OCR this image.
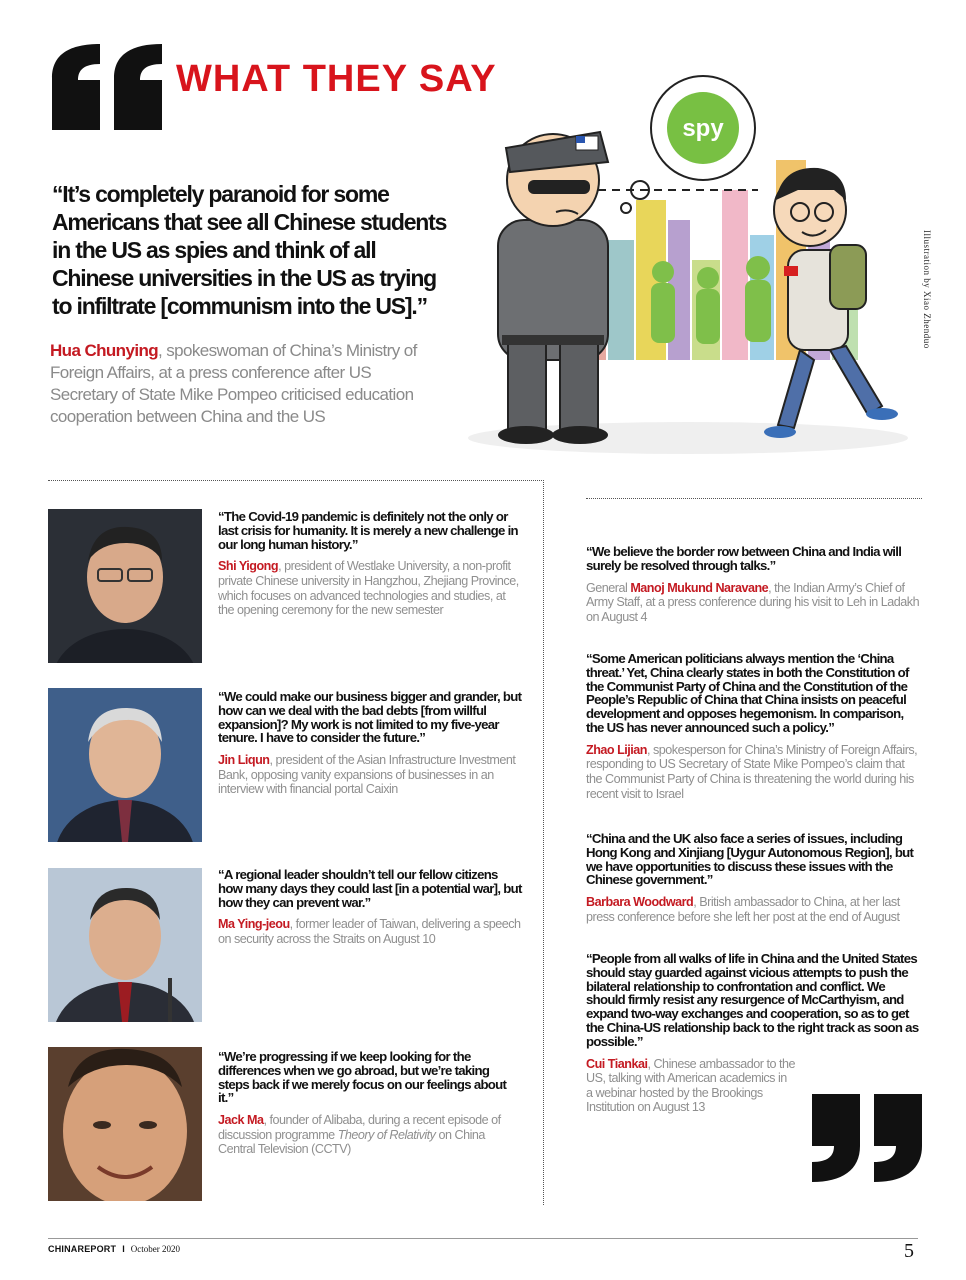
WHAT THEY SAY
“It’s completely paranoid for some Americans that see all Chinese students in the US as spies and think of all Chinese universities in the US as trying to infiltrate [communism into the US].”
Hua Chunying, spokeswoman of China’s Ministry of Foreign Affairs, at a press conference after US Secretary of State Mike Pompeo criticised education cooperation between China and the US
spy
Illustration by Xiao Zhenduo
“The Covid-19 pandemic is definitely not the only or last crisis for humanity. It is merely a new challenge in our long human history.”
Shi Yigong, president of Westlake University, a non-profit private Chinese university in Hangzhou, Zhejiang Province, which focuses on advanced technologies and studies, at the opening ceremony for the new semester
“We could make our business bigger and grander, but how can we deal with the bad debts [from willful expansion]? My work is not limited to my five-year tenure. I have to consider the future.”
Jin Liqun, president of the Asian Infrastructure Investment Bank, opposing vanity expansions of businesses in an interview with financial portal Caixin
“A regional leader shouldn’t tell our fellow citizens how many days they could last [in a potential war], but how they can prevent war.”
Ma Ying-jeou, former leader of Taiwan, delivering a speech on security across the Straits on August 10
“We’re progressing if we keep looking for the differences when we go abroad, but we’re taking steps back if we merely focus on our feelings about it.”
Jack Ma, founder of Alibaba, during a recent episode of discussion programme Theory of Relativity on China Central Television (CCTV)
“We believe the border row between China and India will surely be resolved through talks.”
General Manoj Mukund Naravane, the Indian Army’s Chief of Army Staff, at a press conference during his visit to Leh in Ladakh on August 4
“Some American politicians always mention the ‘China threat.’ Yet, China clearly states in both the Constitution of the Communist Party of China and the Constitution of the People’s Republic of China that China insists on peaceful development and opposes hegemonism. In comparison, the US has never announced such a policy.”
Zhao Lijian, spokesperson for China’s Ministry of Foreign Affairs, responding to US Secretary of State Mike Pompeo’s claim that the Communist Party of China is threatening the world during his recent visit to Israel
“China and the UK also face a series of issues, including Hong Kong and Xinjiang [Uygur Autonomous Region], but we have opportunities to discuss these issues with the Chinese government.”
Barbara Woodward, British ambassador to China, at her last press conference before she left her post at the end of August
“People from all walks of life in China and the United States should stay guarded against vicious attempts to push the bilateral relationship to confrontation and conflict. We should firmly resist any resurgence of McCarthyism, and expand two-way exchanges and cooperation, so as to get the China-US relationship back to the right track as soon as possible.”
Cui Tiankai, Chinese ambassador to the US, talking with American academics in a webinar hosted by the Brookings Institution on August 13
CHINAREPORT I October 2020	5
